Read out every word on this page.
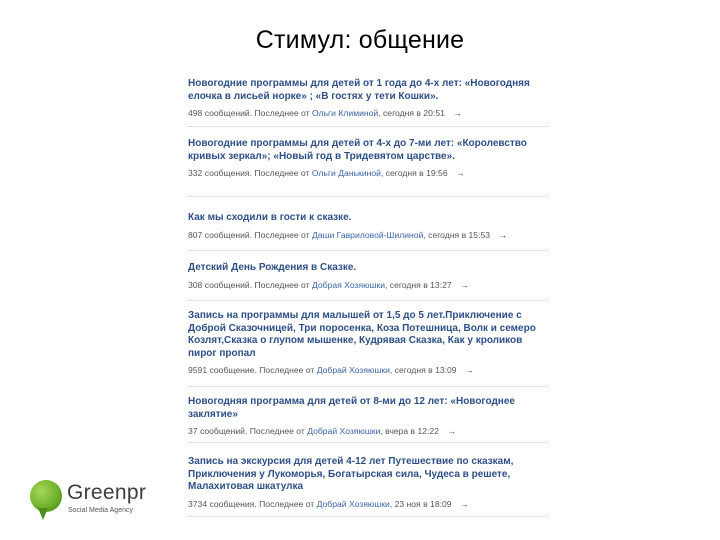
Стимул: общение
Новогодние программы для детей от 1 года до 4-х лет: «Новогодняя елочка в лисьей норке» ; «В гостях у тети Кошки».
498 сообщений. Последнее от Ольги Климиной, сегодня в 20:51 →
Новогодние программы для детей от 4-х до 7-ми лет: «Королевство кривых зеркал»; «Новый год в Тридевятом царстве».
332 сообщения. Последнее от Ольги Данькиной, сегодня в 19:56 →
Как мы сходили в гости к сказке.
807 сообщений. Последнее от Даши Гавриловой-Шилиной, сегодня в 15:53 →
Детский День Рождения в Сказке.
308 сообщений. Последнее от Добрая Хозяюшки, сегодня в 13:27 →
Запись на программы для малышей от 1,5 до 5 лет.Приключение с Доброй Сказочницей, Три поросенка, Коза Потешница, Волк и семеро Козлят,Сказка о глупом мышенке, Кудрявая Сказка, Как у кроликов пирог пропал
9591 сообщение. Последнее от Добрай Хозяюшки, сегодня в 13:09 →
Новогодняя программа для детей от 8-ми до 12 лет: «Новогоднее заклятие»
37 сообщений. Последнее от Добрай Хозяюшки, вчера в 12:22 →
Запись на экскурсия для детей 4-12 лет Путешествие по сказкам, Приключения у Лукоморья, Богатырская сила, Чудеса в решете, Малахитовая шкатулка
3734 сообщения. Последнее от Добрай Хозяюшки, 23 ноя в 18:09 →
Greenpr
Social Media Agency
